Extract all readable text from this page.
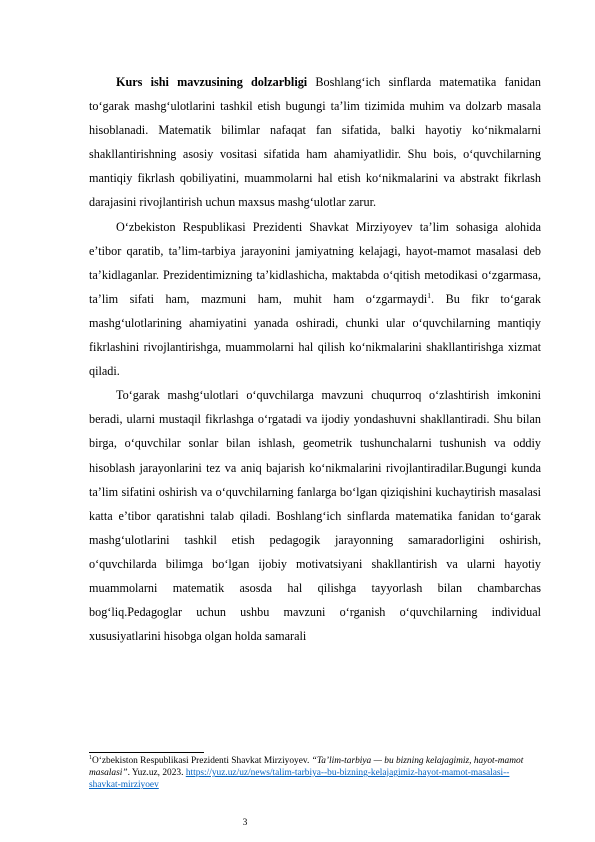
Kurs ishi mavzusining dolzarbligi Boshlang‘ich sinflarda matematika fanidan to‘garak mashg‘ulotlarini tashkil etish bugungi ta’lim tizimida muhim va dolzarb masala hisoblanadi. Matematik bilimlar nafaqat fan sifatida, balki hayotiy ko‘nikmalarni shakllantirishning asosiy vositasi sifatida ham ahamiyatlidir. Shu bois, o‘quvchilarning mantiqiy fikrlash qobiliyatini, muammolarni hal etish ko‘nikmalarini va abstrakt fikrlash darajasini rivojlantirish uchun maxsus mashg‘ulotlar zarur.

O‘zbekiston Respublikasi Prezidenti Shavkat Mirziyoyev ta’lim sohasiga alohida e’tibor qaratib, ta’lim-tarbiya jarayonini jamiyatning kelajagi, hayot-mamot masalasi deb ta’kidlaganlar. Prezidentimizning ta’kidlashicha, maktabda o‘qitish metodikasi o‘zgarmasa, ta’lim sifati ham, mazmuni ham, muhit ham o‘zgarmaydi$^1$. Bu fikr to‘garak mashg‘ulotlarining ahamiyatini yanada oshiradi, chunki ular o‘quvchilarning mantiqiy fikrlashini rivojlantirishga, muammolarni hal qilish ko‘nikmalarini shakllantirishga xizmat qiladi.

To‘garak mashg‘ulotlari o‘quvchilarga mavzuni chuqurroq o‘zlashtirish imkonini beradi, ularni mustaqil fikrlashga o‘rgatadi va ijodiy yondashuvni shakllantiradi. Shu bilan birga, o‘quvchilar sonlar bilan ishlash, geometrik tushunchalarni tushunish va oddiy hisoblash jarayonlarini tez va aniq bajarish ko‘nikmalarini rivojlantiradilar.Bugungi kunda ta’lim sifatini oshirish va o‘quvchilarning fanlarga bo‘lgan qiziqishini kuchaytirish masalasi katta e’tibor qaratishni talab qiladi. Boshlang‘ich sinflarda matematika fanidan to‘garak mashg‘ulotlarini tashkil etish pedagogik jarayonning samaradorligini oshirish, o‘quvchilarda bilimga bo‘lgan ijobiy motivatsiyani shakllantirish va ularni hayotiy muammolarni matematik asosda hal qilishga tayyorlash bilan chambarchas bog‘liq.Pedagoglar uchun ushbu mavzuni o‘rganish o‘quvchilarning individual xususiyatlarini hisobga olgan holda samarali

$^1$O‘zbekiston Respublikasi Prezidenti Shavkat Mirziyoyev. “Ta’lim-tarbiya — bu bizning kelajagimiz, hayot-mamot masalasi”. Yuz.uz, 2023. https://yuz.uz/uz/news/talim-tarbiya--bu-bizning-kelajagimiz-hayot-mamot-masalasi--shavkat-mirziyoev
3
